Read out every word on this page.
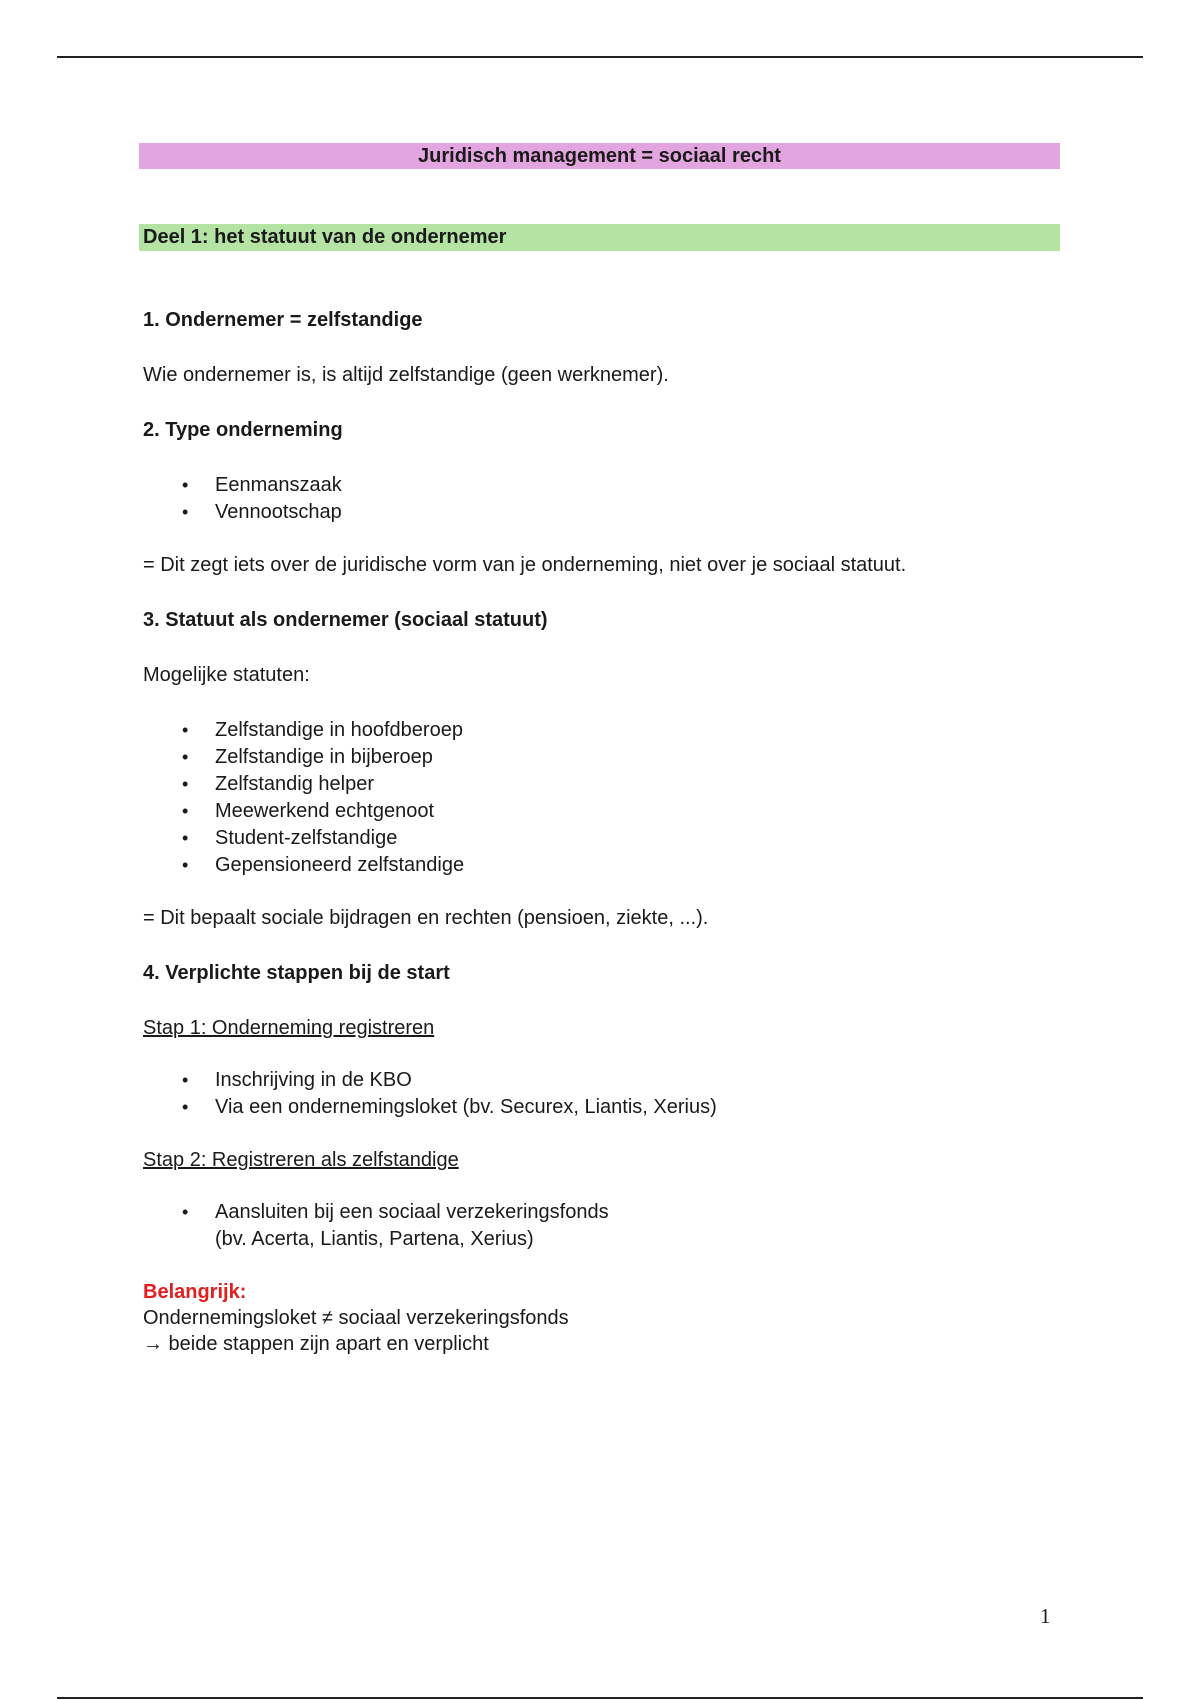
Juridisch management = sociaal recht
Deel 1: het statuut van de ondernemer
1. Ondernemer = zelfstandige
Wie ondernemer is, is altijd zelfstandige (geen werknemer).
2. Type onderneming
• Eenmanszaak
• Vennootschap
= Dit zegt iets over de juridische vorm van je onderneming, niet over je sociaal statuut.
3. Statuut als ondernemer (sociaal statuut)
Mogelijke statuten:
• Zelfstandige in hoofdberoep
• Zelfstandige in bijberoep
• Zelfstandig helper
• Meewerkend echtgenoot
• Student-zelfstandige
• Gepensioneerd zelfstandige
= Dit bepaalt sociale bijdragen en rechten (pensioen, ziekte, ...).
4. Verplichte stappen bij de start
Stap 1: Onderneming registreren
• Inschrijving in de KBO
• Via een ondernemingsloket (bv. Securex, Liantis, Xerius)
Stap 2: Registreren als zelfstandige
• Aansluiten bij een sociaal verzekeringsfonds
(bv. Acerta, Liantis, Partena, Xerius)
Belangrijk:
Ondernemingsloket ≠ sociaal verzekeringsfonds
→ beide stappen zijn apart en verplicht
1
